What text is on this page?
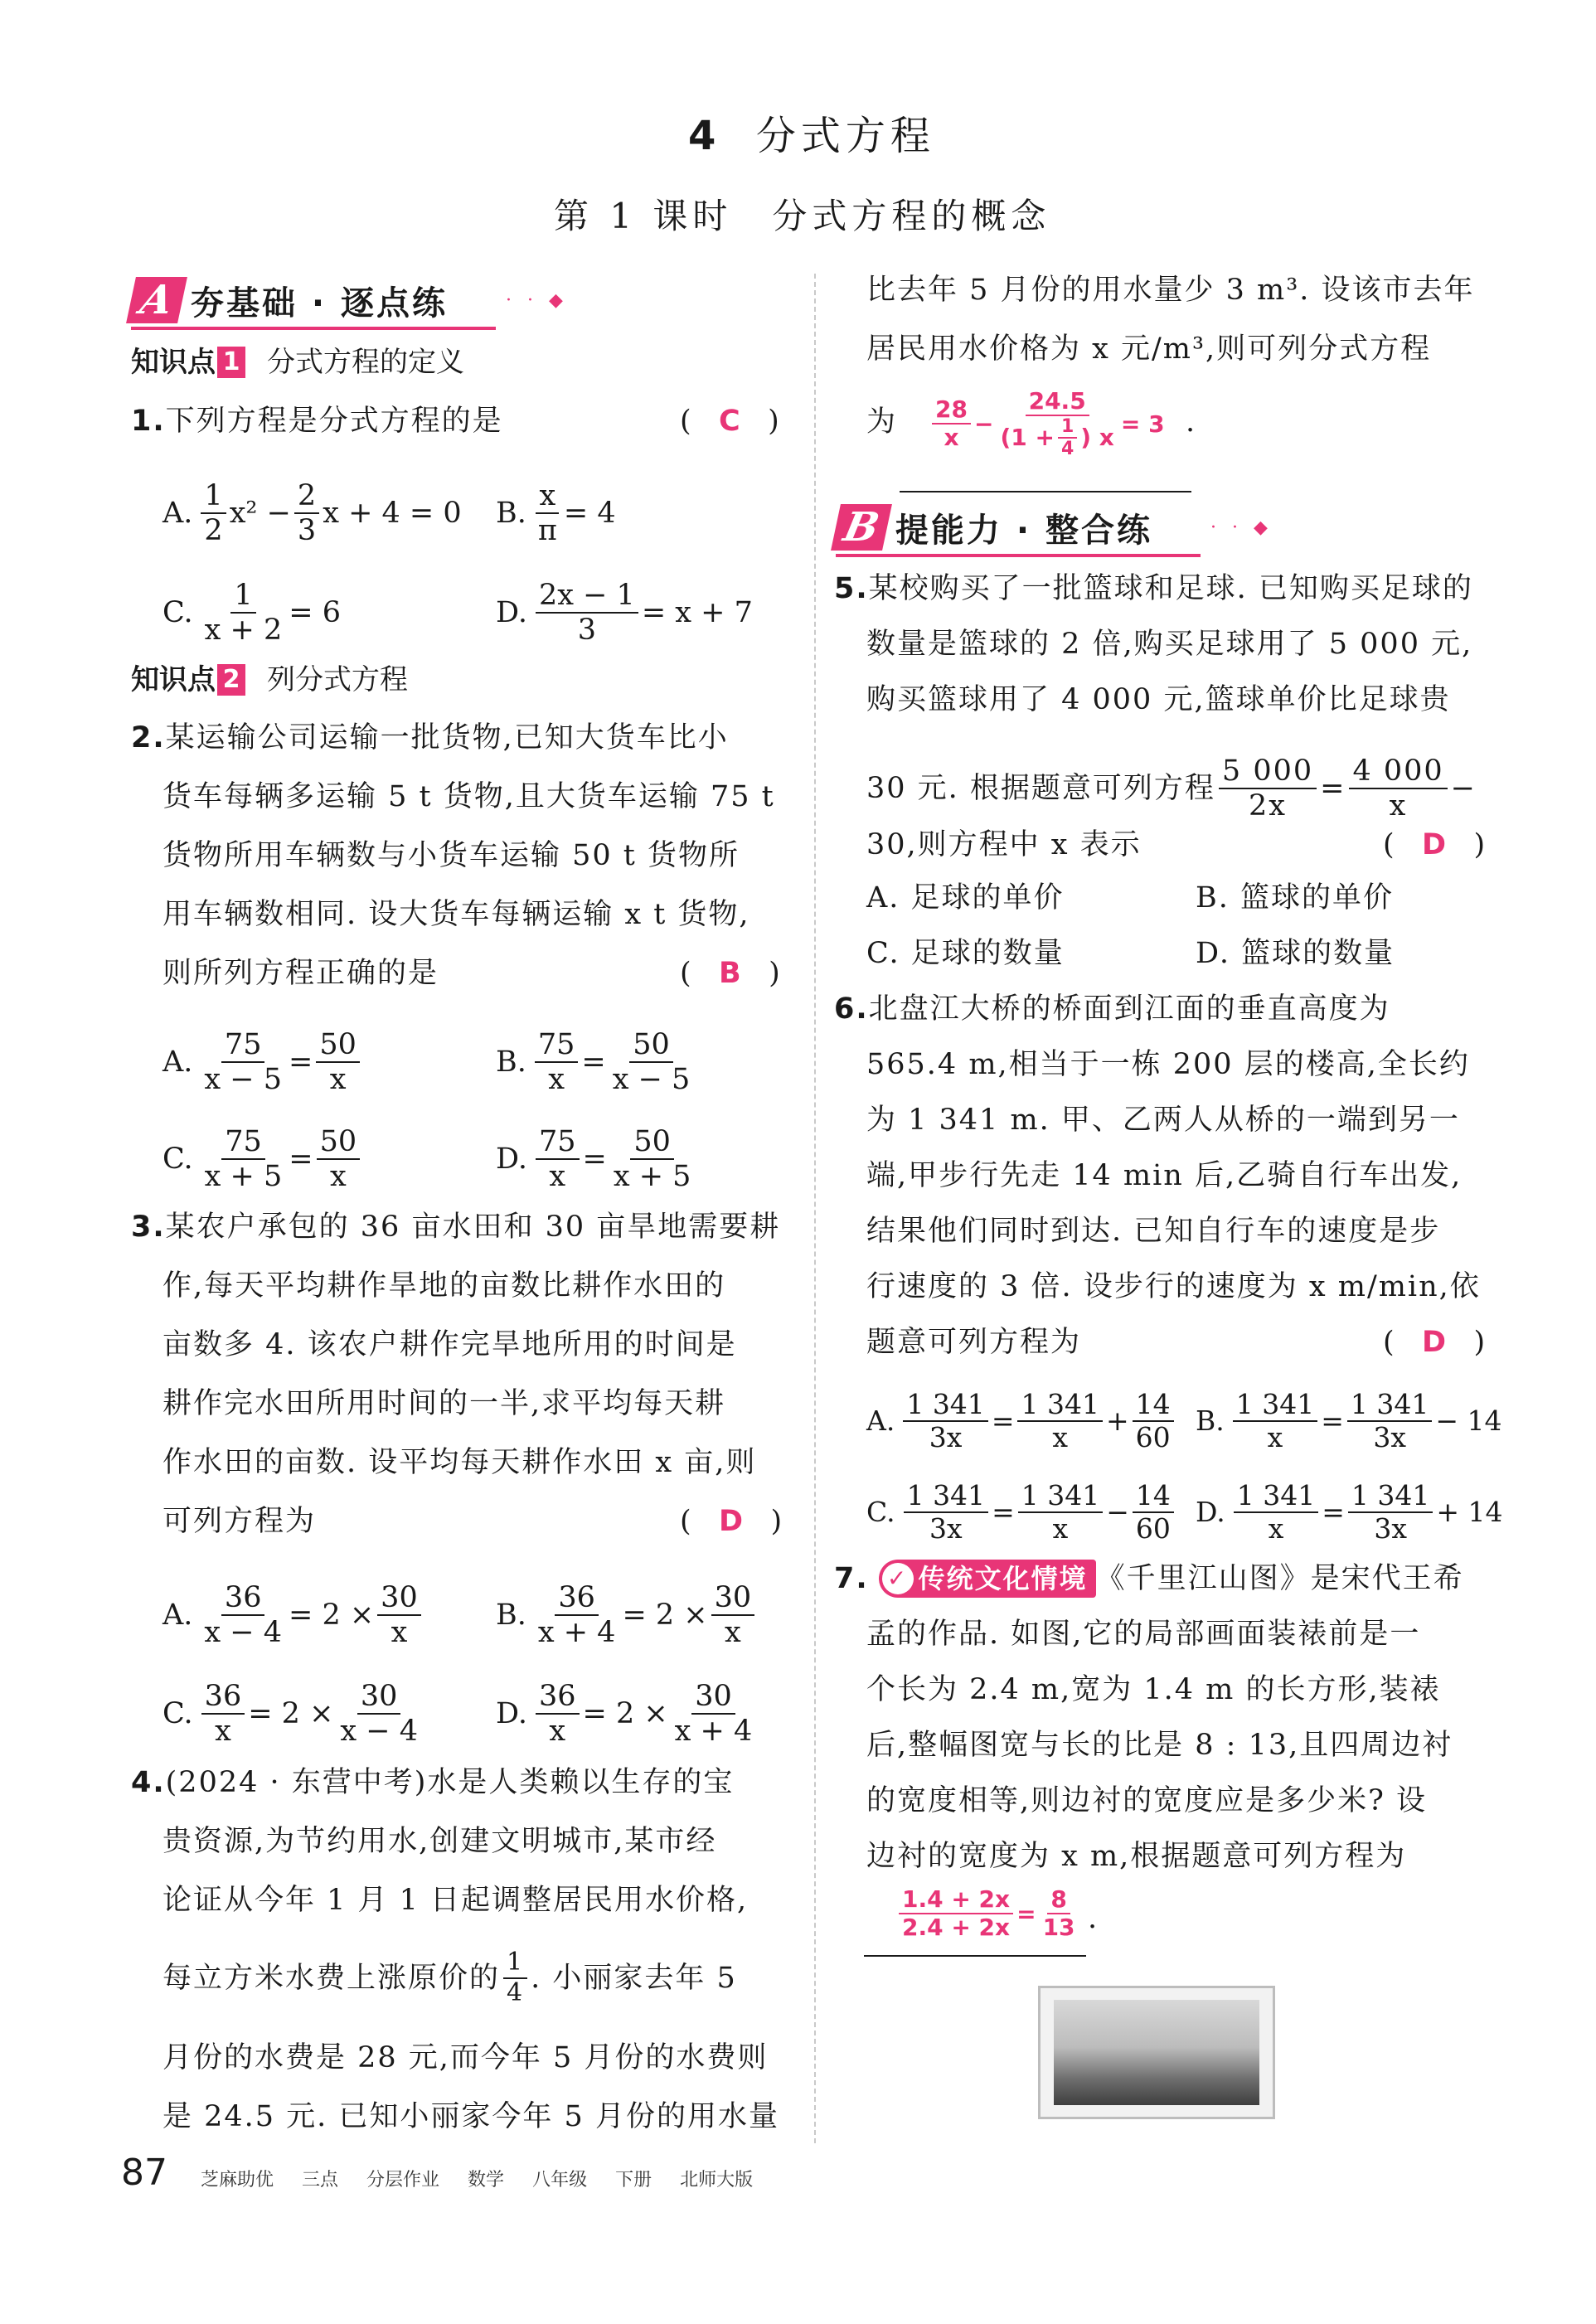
4 分式方程
第 1 课时　分式方程的概念
A 夯基础 · 逐点练	· · ◆
知识点 1 分式方程的定义
1.下列方程是分式方程的是	(   C   )
A. $\frac{1}{2} x^2 - \frac{2}{3}$ x + 4 = 0 B. $\frac{x}{\pi} = 4$
C. $\frac{1}{x + 2} = 6$	D. $\frac{2x - 1}{3} = x + 7$
知识点 2 列分式方程
2.某运输公司运输一批货物,已知大货车比小
货车每辆多运输 5 t 货物,且大货车运输 75 t
货物所用车辆数与小货车运输 50 t 货物所
用车辆数相同. 设大货车每辆运输 x t 货物,
则所列方程正确的是	(   B   )
A. $\frac{75}{x - 5} = \frac{50}{x}$	B. $\frac{75}{x} = \frac{50}{x - 5}$
C. $\frac{75}{x + 5} = \frac{50}{x}$	D. $\frac{75}{x} = \frac{50}{x + 5}$
3.某农户承包的 36 亩水田和 30 亩旱地需要耕
作,每天平均耕作旱地的亩数比耕作水田的
亩数多 4. 该农户耕作完旱地所用的时间是
耕作完水田所用时间的一半,求平均每天耕
作水田的亩数. 设平均每天耕作水田 x 亩,则
可列方程为	(   D   )
A. $\frac{36}{x - 4} = 2 \times \frac{30}{x}$	B. $\frac{36}{x + 4} = 2 \times \frac{30}{x}$
C. $\frac{36}{x} = 2 \times \frac{30}{x - 4}$	D. $\frac{36}{x} = 2 \times \frac{30}{x + 4}$
4.(2024 · 东营中考)水是人类赖以生存的宝
贵资源,为节约用水,创建文明城市,某市经
论证从今年 1 月 1 日起调整居民用水价格,
每立方米水费上涨原价的 $\frac{1}{4}$ . 小丽家去年 5
月份的水费是 28 元,而今年 5 月份的水费则
是 24.5 元. 已知小丽家今年 5 月份的用水量
比去年 5 月份的用水量少 3 m³. 设该市去年
居民用水价格为 x 元/m³,则可列分式方程
为 $\frac{28}{x} - \frac{24.5}{(1 + \frac{1}{4} ) x} = 3$ .
B 提能力 · 整合练	· · ◆
5.某校购买了一批篮球和足球. 已知购买足球的
数量是篮球的 2 倍,购买足球用了 5 000 元,
购买篮球用了 4 000 元,篮球单价比足球贵
30 元. 根据题意可列方程 $\frac{5 000}{2x} = \frac{4 000}{x}$ −
30,则方程中 x 表示	(   D   )
A. 足球的单价	B. 篮球的单价
C. 足球的数量	D. 篮球的数量
6.北盘江大桥的桥面到江面的垂直高度为
565.4 m,相当于一栋 200 层的楼高,全长约
为 1 341 m. 甲、乙两人从桥的一端到另一
端,甲步行先走 14 min 后,乙骑自行车出发,
结果他们同时到达. 已知自行车的速度是步
行速度的 3 倍. 设步行的速度为 x m/min,依
题意可列方程为	(   D   )
A. $\frac{1 341}{3x} = \frac{1 341}{x} + \frac{14}{60} B$. $\frac{1 341}{x} = \frac{1 341}{3x} - 14$
C. $\frac{1 341}{3x} = \frac{1 341}{x} - \frac{14}{60} D$. $\frac{1 341}{x} = \frac{1 341}{3x} + 14$
7. ✓ 传统文化情境 《千里江山图》是宋代王希
孟的作品. 如图,它的局部画面装裱前是一
个长为 2.4 m,宽为 1.4 m 的长方形,装裱
后,整幅图宽与长的比是 8 : 13,且四周边衬
的宽度相等,则边衬的宽度应是多少米? 设
边衬的宽度为 x m,根据题意可列方程为
$\frac{1.4 + 2x}{2.4 + 2x} = \frac{8}{13}$ .
87 芝麻助优 三点 分层作业 数学 八年级 下册 北师大版
